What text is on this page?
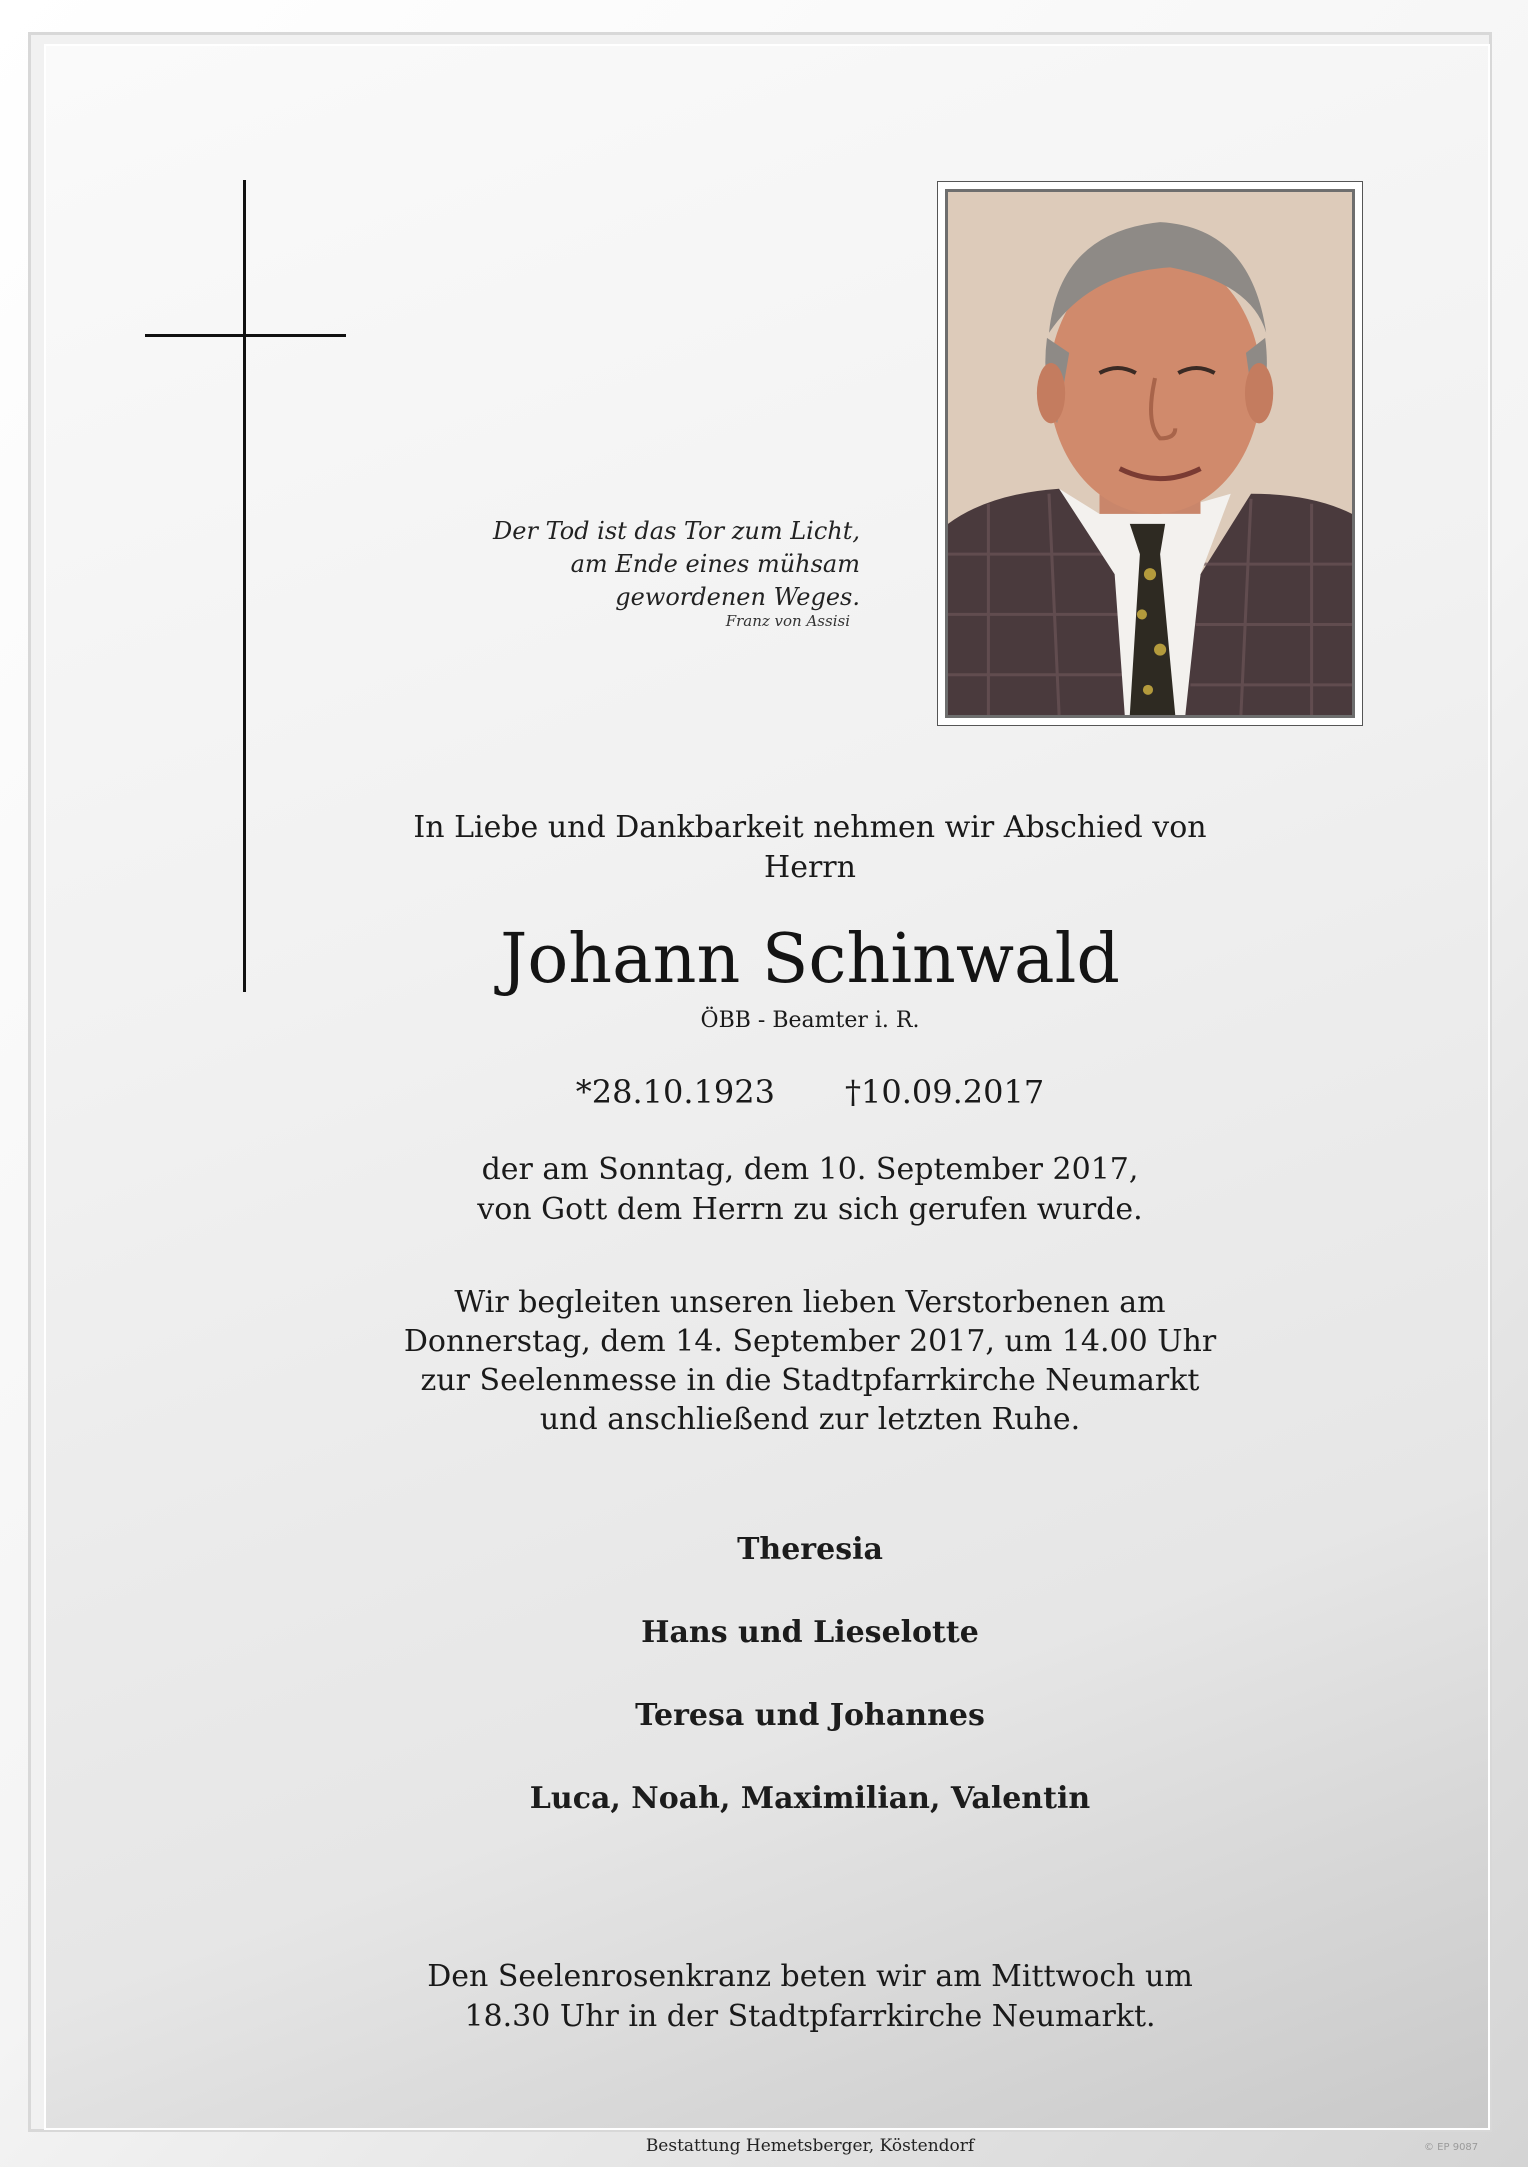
Der Tod ist das Tor zum Licht,
am Ende eines mühsam
gewordenen Weges.
Franz von Assisi
In Liebe und Dankbarkeit nehmen wir Abschied von
Herrn
Johann Schinwald
ÖBB - Beamter i. R.
*28.10.1923 †10.09.2017
der am Sonntag, dem 10. September 2017,
von Gott dem Herrn zu sich gerufen wurde.
Wir begleiten unseren lieben Verstorbenen am
Donnerstag, dem 14. September 2017, um 14.00 Uhr
zur Seelenmesse in die Stadtpfarrkirche Neumarkt
und anschließend zur letzten Ruhe.
Theresia
Hans und Lieselotte
Teresa und Johannes
Luca, Noah, Maximilian, Valentin
Den Seelenrosenkranz beten wir am Mittwoch um
18.30 Uhr in der Stadtpfarrkirche Neumarkt.
Bestattung Hemetsberger, Köstendorf	© EP 9087
